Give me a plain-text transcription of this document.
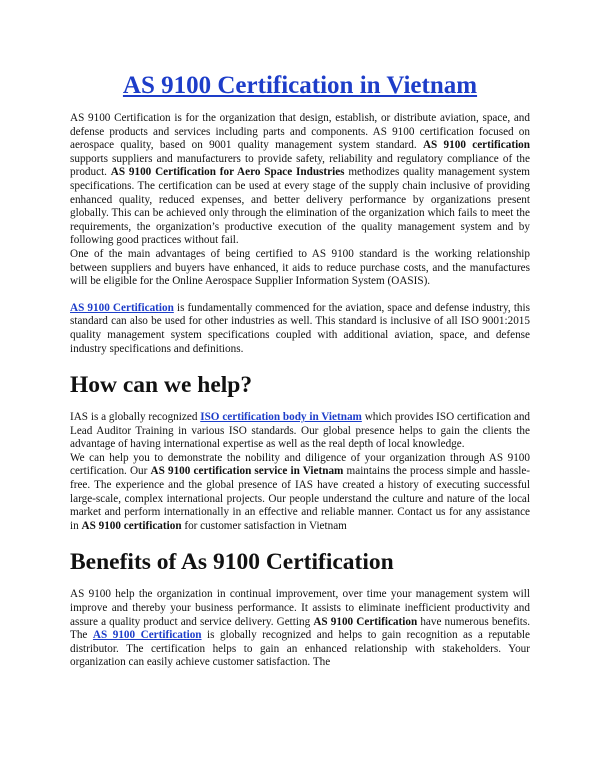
AS 9100 Certification in Vietnam

AS 9100 Certification is for the organization that design, establish, or distribute aviation, space, and defense products and services including parts and components. AS 9100 certification focused on aerospace quality, based on 9001 quality management system standard. AS 9100 certification supports suppliers and manufacturers to provide safety, reliability and regulatory compliance of the product. AS 9100 Certification for Aero Space Industries methodizes quality management system specifications. The certification can be used at every stage of the supply chain inclusive of providing enhanced quality, reduced expenses, and better delivery performance by organizations present globally. This can be achieved only through the elimination of the organization which fails to meet the requirements, the organization’s productive execution of the quality management system and by following good practices without fail.

One of the main advantages of being certified to AS 9100 standard is the working relationship between suppliers and buyers have enhanced, it aids to reduce purchase costs, and the manufactures will be eligible for the Online Aerospace Supplier Information System (OASIS).

AS 9100 Certification is fundamentally commenced for the aviation, space and defense industry, this standard can also be used for other industries as well. This standard is inclusive of all ISO 9001:2015 quality management system specifications coupled with additional aviation, space, and defense industry specifications and definitions.

How can we help?

IAS is a globally recognized ISO certification body in Vietnam which provides ISO certification and Lead Auditor Training in various ISO standards. Our global presence helps to gain the clients the advantage of having international expertise as well as the real depth of local knowledge.

We can help you to demonstrate the nobility and diligence of your organization through AS 9100 certification. Our AS 9100 certification service in Vietnam maintains the process simple and hassle-free. The experience and the global presence of IAS have created a history of executing successful large-scale, complex international projects. Our people understand the culture and nature of the local market and perform internationally in an effective and reliable manner. Contact us for any assistance in AS 9100 certification for customer satisfaction in Vietnam

Benefits of As 9100 Certification

AS 9100 help the organization in continual improvement, over time your management system will improve and thereby your business performance. It assists to eliminate inefficient productivity and assure a quality product and service delivery. Getting AS 9100 Certification have numerous benefits. The AS 9100 Certification is globally recognized and helps to gain recognition as a reputable distributor. The certification helps to gain an enhanced relationship with stakeholders. Your organization can easily achieve customer satisfaction. The
